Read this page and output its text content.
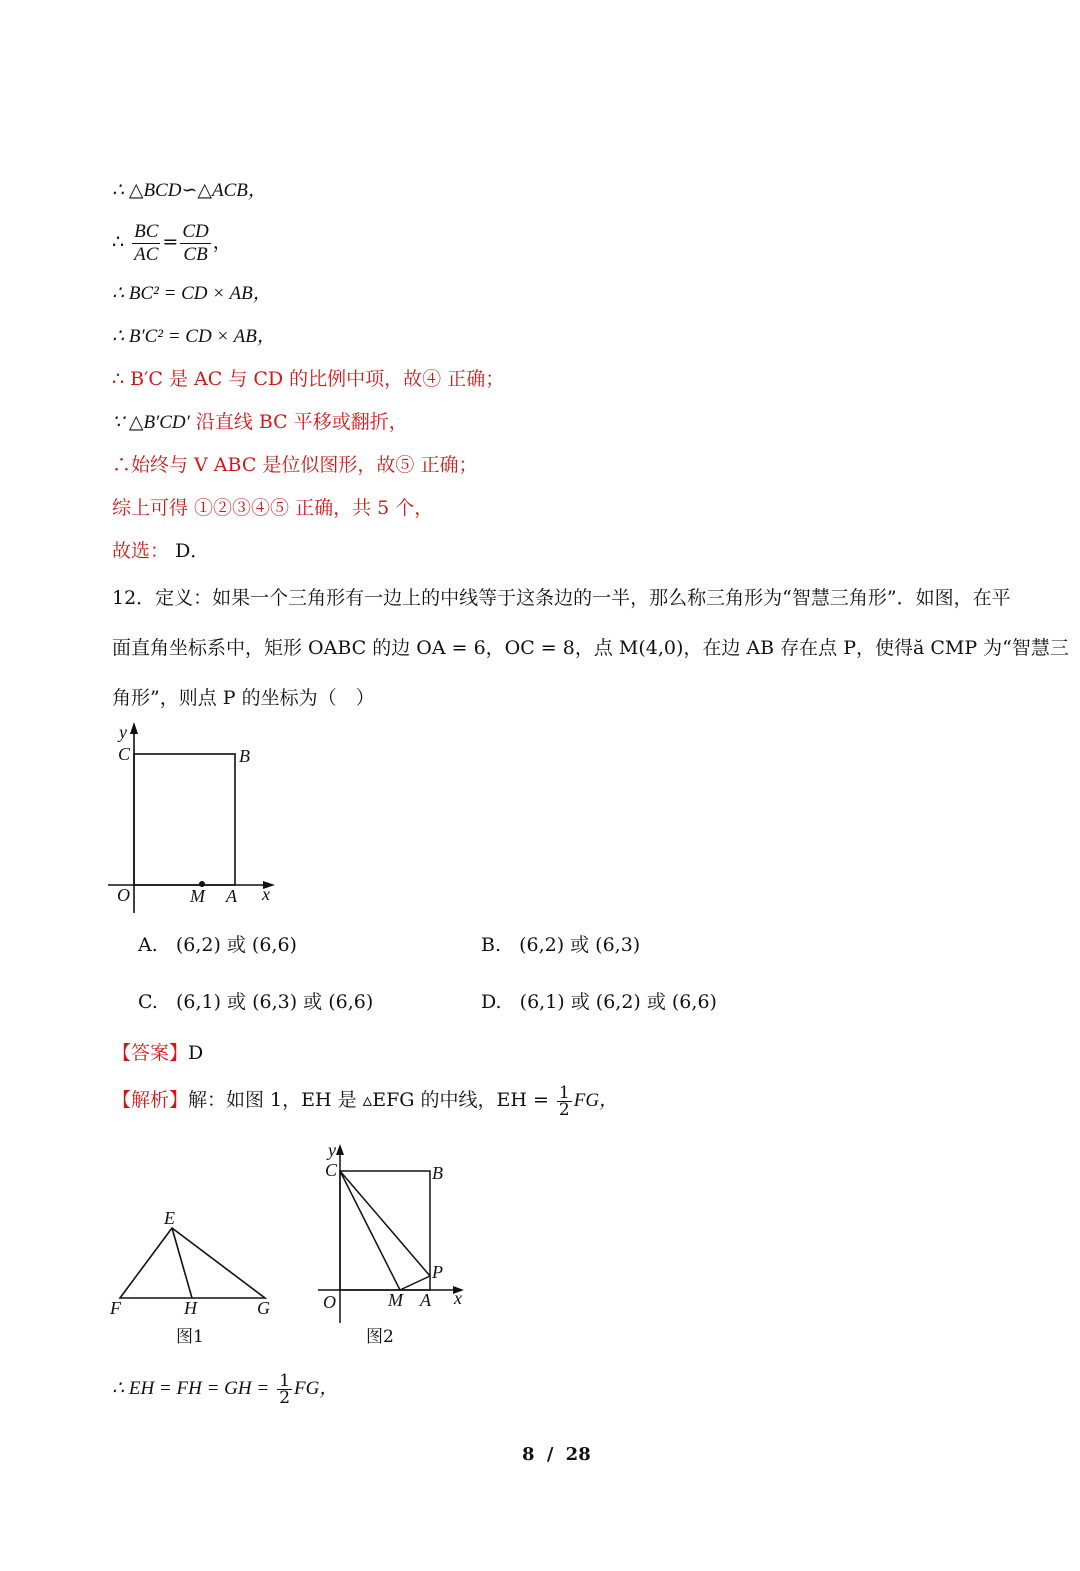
∴ △BCD∽△ACB，
∴ $\frac{BC}{AC} = \frac{CD}{CB}$ ，
∴ BC² = CD × AB，
∴ B′C² = CD × AB，
∴ B′C 是 AC 与 CD 的比例中项，故④ 正确；
∵ △B′CD′ 沿直线 BC 平移或翻折，
∴始终与 V ABC 是位似图形，故⑤ 正确；
综上可得 ①②③④⑤ 正确，共 5 个，
故选： D．
12．定义：如果一个三角形有一边上的中线等于这条边的一半，那么称三角形为“智慧三角形”．如图，在平
面直角坐标系中，矩形 OABC 的边 OA = 6，OC = 8，点 M(4,0)，在边 AB 存在点 P，使得ă CMP 为“智慧三
角形”，则点 P 的坐标为（　）
y
C	B
O	M A x
A. (6,2) 或 (6,6)	B. (6,2) 或 (6,3)
C. (6,1) 或 (6,3) 或 (6,6)	D. (6,1) 或 (6,2) 或 (6,6)
【答案】D
【解析】解：如图 1，EH 是 ▵EFG 的中线，EH = $\frac{1}{2}$ FG，
E
F	H	G
图1
y
C	B
P
O	M A x
图2
∴ EH = FH = GH = $\frac{1}{2}$ FG，
8 / 28
